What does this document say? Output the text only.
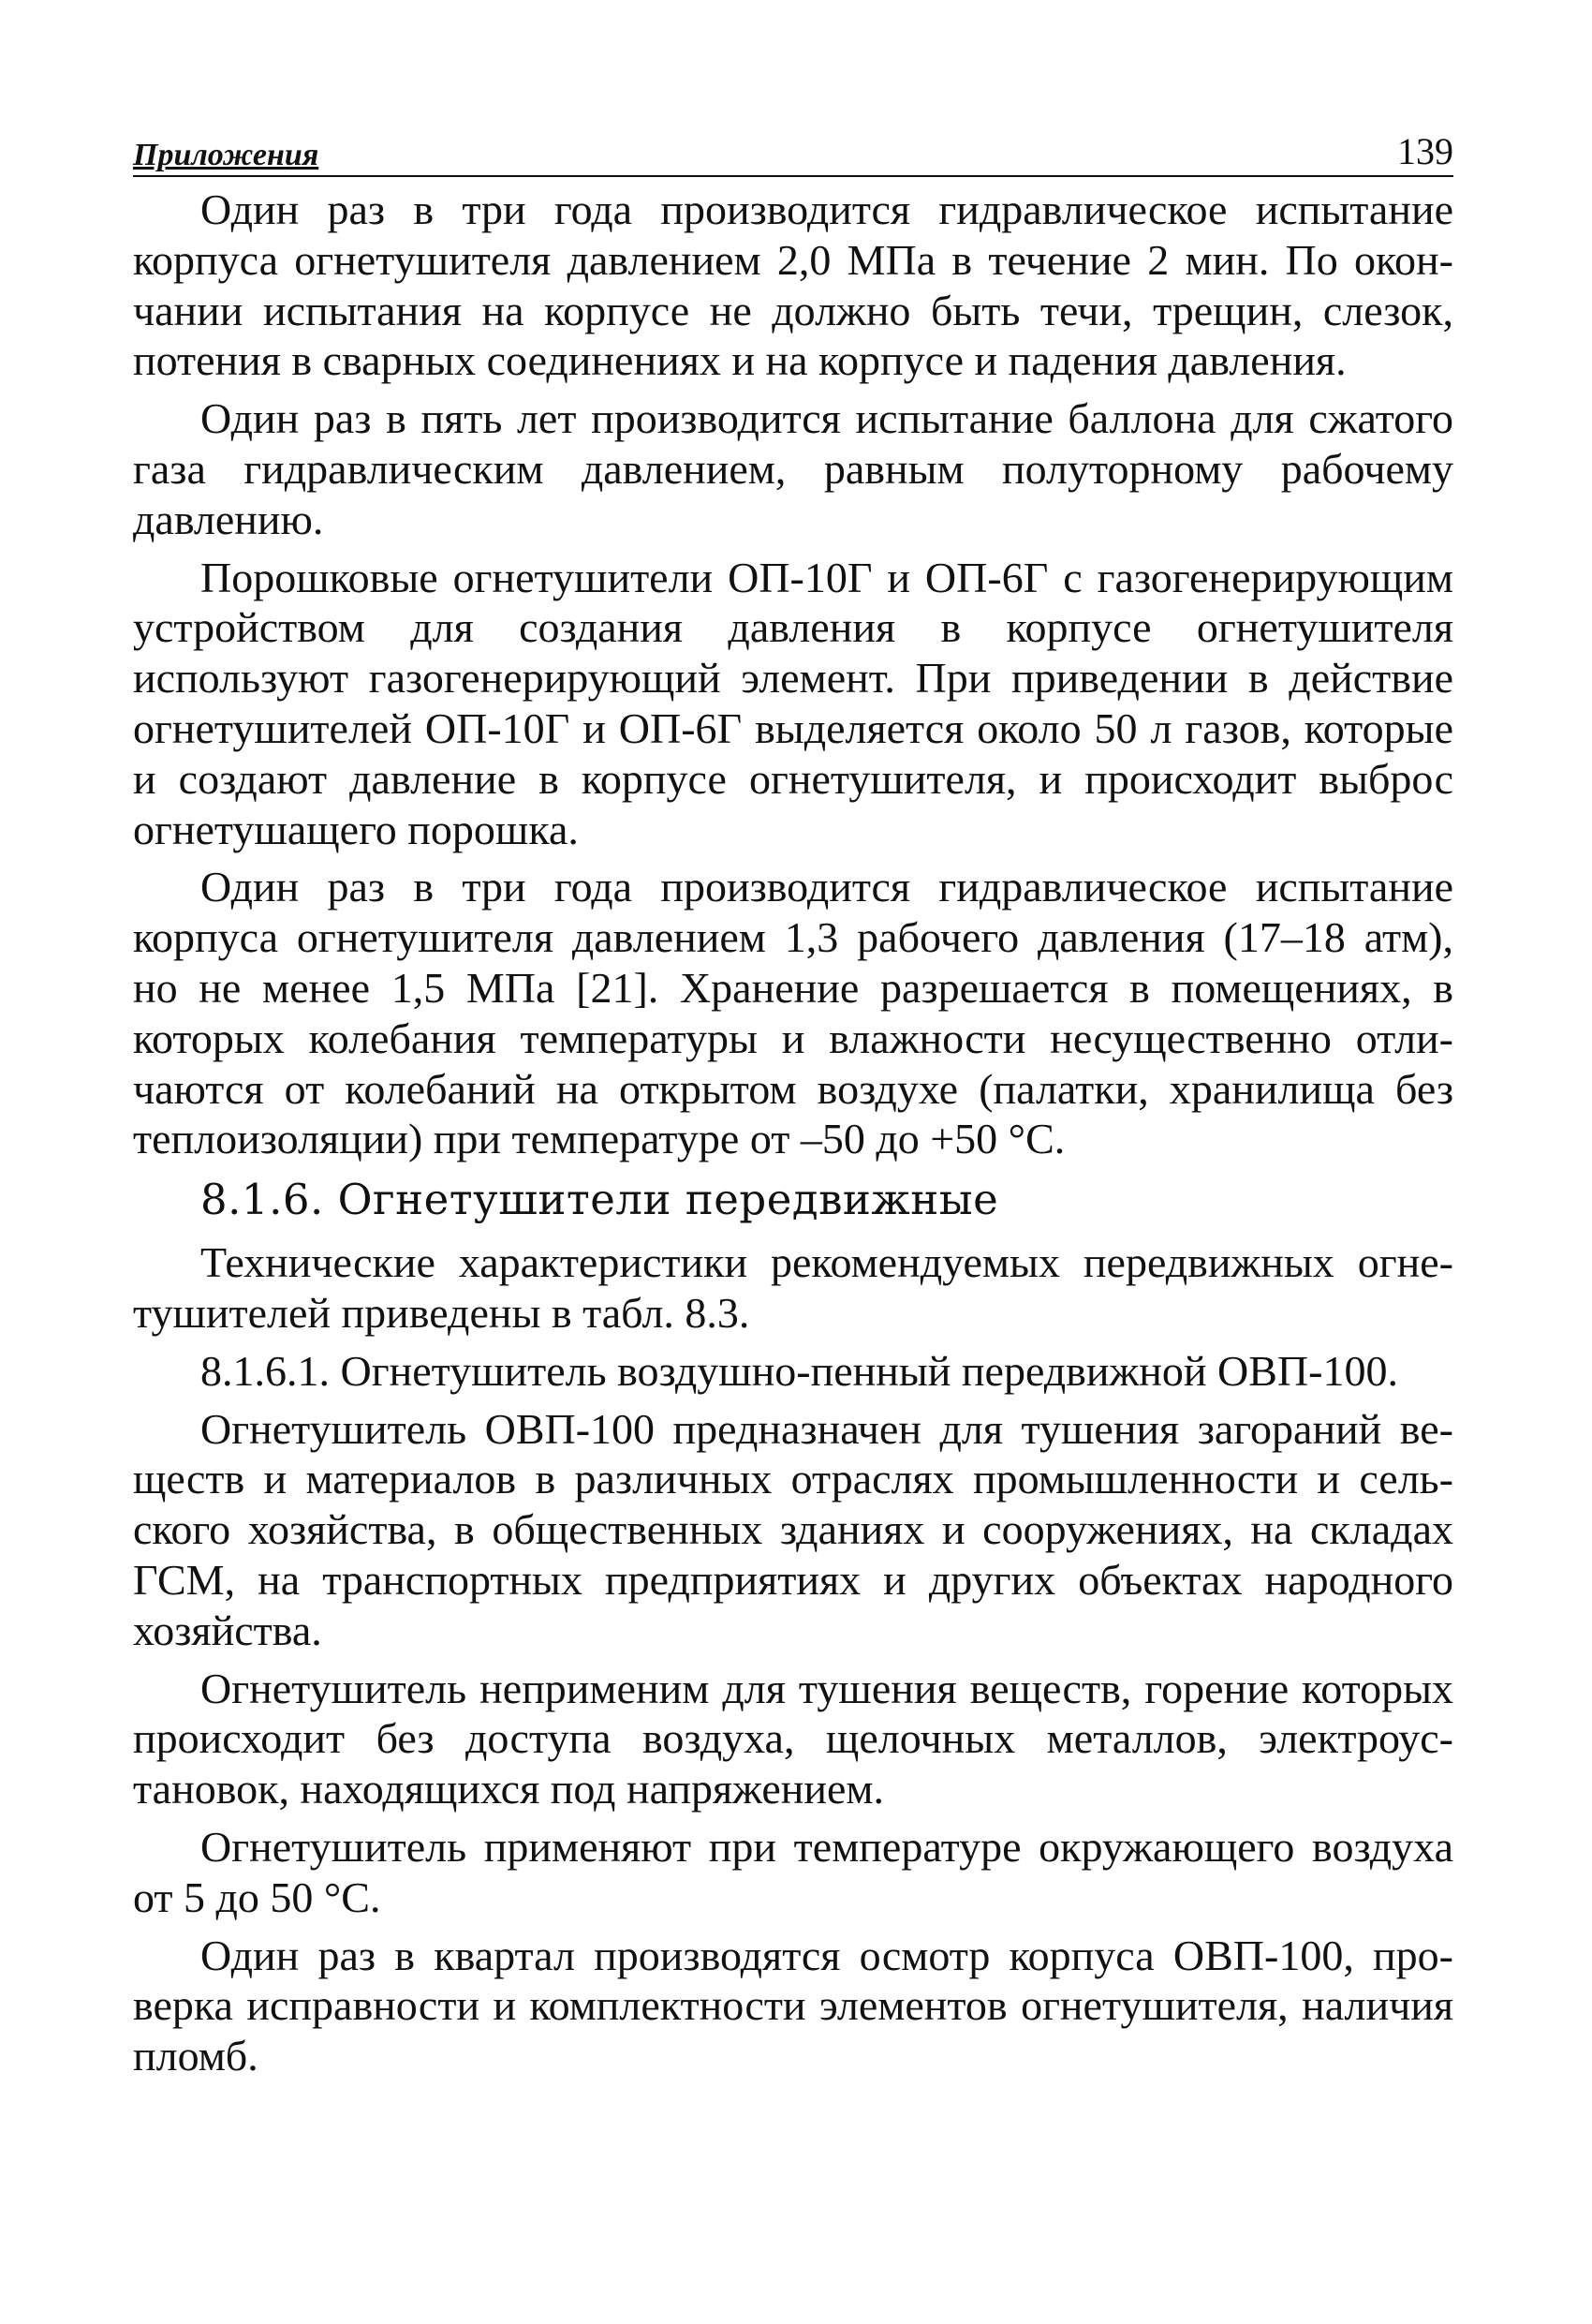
Приложения	139

Один раз в три года производится гидравлическое испытание корпуса огнетушителя давлением 2,0 МПа в течение 2 мин. По окончании испытания на корпусе не должно быть течи, трещин, слезок, потения в сварных соединениях и на корпусе и падения давления.

Один раз в пять лет производится испытание баллона для сжатого газа гидравлическим давлением, равным полуторному рабочему давлению.

Порошковые огнетушители ОП-10Г и ОП-6Г с газогенерирующим устройством для создания давления в корпусе огнетушителя используют газогенерирующий элемент. При приведении в действие огнетушителей ОП-10Г и ОП-6Г выделяется около 50 л газов, которые и создают давление в корпусе огнетушителя, и происходит выброс огнетушащего порошка.

Один раз в три года производится гидравлическое испытание корпуса огнетушителя давлением 1,3 рабочего давления (17–18 атм), но не менее 1,5 МПа [21]. Хранение разрешается в помещениях, в которых колебания температуры и влажности несущественно отличаются от колебаний на открытом воздухе (палатки, хранилища без теплоизоляции) при температуре от –50 до +50 °С.

8.1.6. Огнетушители передвижные

Технические характеристики рекомендуемых передвижных огнетушителей приведены в табл. 8.3.

8.1.6.1. Огнетушитель воздушно-пенный передвижной ОВП-100.

Огнетушитель ОВП-100 предназначен для тушения загораний веществ и материалов в различных отраслях промышленности и сельского хозяйства, в общественных зданиях и сооружениях, на складах ГСМ, на транспортных предприятиях и других объектах народного хозяйства.

Огнетушитель неприменим для тушения веществ, горение которых происходит без доступа воздуха, щелочных металлов, электроустановок, находящихся под напряжением.

Огнетушитель применяют при температуре окружающего воздуха от 5 до 50 °С.

Один раз в квартал производятся осмотр корпуса ОВП-100, проверка исправности и комплектности элементов огнетушителя, наличия пломб.
